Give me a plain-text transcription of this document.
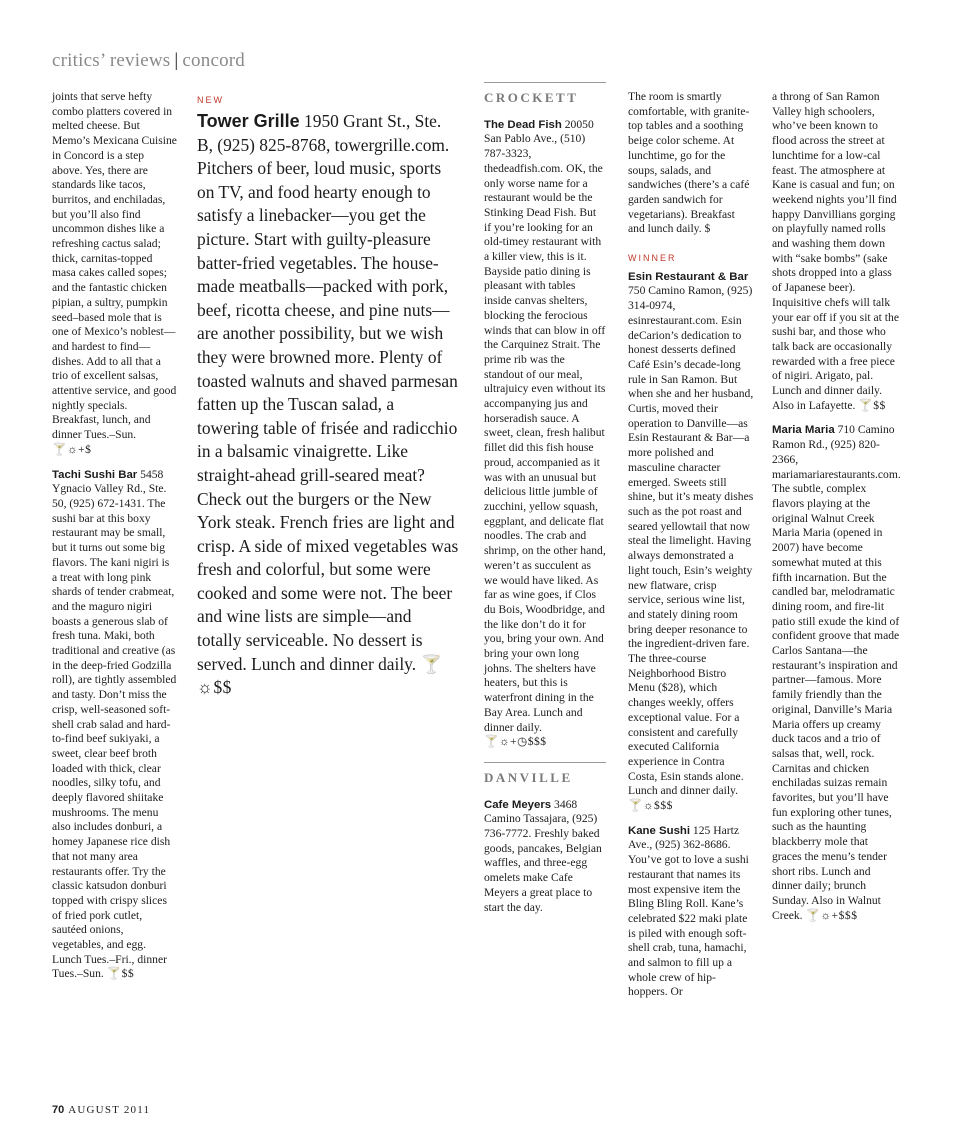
critics’ reviews | concord

joints that serve hefty combo platters covered in melted cheese. But Memo’s Mexicana Cuisine in Concord is a step above. Yes, there are standards like tacos, burritos, and enchiladas, but you’ll also find uncommon dishes like a refreshing cactus salad; thick, carnitas-topped masa cakes called sopes; and the fantastic chicken pipian, a sultry, pumpkin seed–based mole that is one of Mexico’s noblest—and hardest to find—dishes. Add to all that a trio of excellent salsas, attentive service, and good nightly specials. Breakfast, lunch, and dinner Tues.–Sun.
🍸☼+$

Tachi Sushi Bar 5458 Ygnacio Valley Rd., Ste. 50, (925) 672-1431. The sushi bar at this boxy restaurant may be small, but it turns out some big flavors. The kani nigiri is a treat with long pink shards of tender crabmeat, and the maguro nigiri boasts a generous slab of fresh tuna. Maki, both traditional and creative (as in the deep-fried Godzilla roll), are tightly assembled and tasty. Don’t miss the crisp, well-seasoned soft-shell crab salad and hard-to-find beef sukiyaki, a sweet, clear beef broth loaded with thick, clear noodles, silky tofu, and deeply flavored shiitake mushrooms. The menu also includes donburi, a homey Japanese rice dish that not many area restaurants offer. Try the classic katsudon donburi topped with crispy slices of fried pork cutlet, sautéed onions, vegetables, and egg. Lunch Tues.–Fri., dinner Tues.–Sun. 🍸$$

NEW

Tower Grille 1950 Grant St., Ste. B, (925) 825-8768, towergrille.com. Pitchers of beer, loud music, sports on TV, and food hearty enough to satisfy a linebacker—you get the picture. Start with guilty-pleasure batter-fried vegetables. The house-made meatballs—packed with pork, beef, ricotta cheese, and pine nuts—are another possibility, but we wish they were browned more. Plenty of toasted walnuts and shaved parmesan fatten up the Tuscan salad, a towering table of frisée and radicchio in a balsamic vinaigrette. Like straight-ahead grill-seared meat? Check out the burgers or the New York steak. French fries are light and crisp. A side of mixed vegetables was fresh and colorful, but some were cooked and some were not. The beer and wine lists are simple—and totally serviceable. No dessert is served. Lunch and dinner daily. 🍸☼$$

CROCKETT

The Dead Fish 20050 San Pablo Ave., (510) 787-3323, thedeadfish.com. OK, the only worse name for a restaurant would be the Stinking Dead Fish. But if you’re looking for an old-timey restaurant with a killer view, this is it. Bayside patio dining is pleasant with tables inside canvas shelters, blocking the ferocious winds that can blow in off the Carquinez Strait. The prime rib was the standout of our meal, ultrajuicy even without its accompanying jus and horseradish sauce. A sweet, clean, fresh halibut fillet did this fish house proud, accompanied as it was with an unusual but delicious little jumble of zucchini, yellow squash, eggplant, and delicate flat noodles. The crab and shrimp, on the other hand, weren’t as succulent as we would have liked. As far as wine goes, if Clos du Bois, Woodbridge, and the like don’t do it for you, bring your own. And bring your own long johns. The shelters have heaters, but this is waterfront dining in the Bay Area. Lunch and dinner daily.
🍸☼+◷$$$

DANVILLE

Cafe Meyers 3468 Camino Tassajara, (925) 736-7772. Freshly baked goods, pancakes, Belgian waffles, and three-egg omelets make Cafe Meyers a great place to start the day.

The room is smartly comfortable, with granite-top tables and a soothing beige color scheme. At lunchtime, go for the soups, salads, and sandwiches (there’s a café garden sandwich for vegetarians). Breakfast and lunch daily. $

WINNER
Esin Restaurant & Bar 750 Camino Ramon, (925) 314-0974, esinrestaurant.com. Esin deCarion’s dedication to honest desserts defined Café Esin’s decade-long rule in San Ramon. But when she and her husband, Curtis, moved their operation to Danville—as Esin Restaurant & Bar—a more polished and masculine character emerged. Sweets still shine, but it’s meaty dishes such as the pot roast and seared yellowtail that now steal the limelight. Having always demonstrated a light touch, Esin’s weighty new flatware, crisp service, serious wine list, and stately dining room bring deeper resonance to the ingredient-driven fare. The three-course Neighborhood Bistro Menu ($28), which changes weekly, offers exceptional value. For a consistent and carefully executed California experience in Contra Costa, Esin stands alone. Lunch and dinner daily. 🍸☼$$$

Kane Sushi 125 Hartz Ave., (925) 362-8686. You’ve got to love a sushi restaurant that names its most expensive item the Bling Bling Roll. Kane’s celebrated $22 maki plate is piled with enough soft-shell crab, tuna, hamachi, and salmon to fill up a whole crew of hip-hoppers. Or

a throng of San Ramon Valley high schoolers, who’ve been known to flood across the street at lunchtime for a low-cal feast. The atmosphere at Kane is casual and fun; on weekend nights you’ll find happy Danvillians gorging on playfully named rolls and washing them down with “sake bombs” (sake shots dropped into a glass of Japanese beer). Inquisitive chefs will talk your ear off if you sit at the sushi bar, and those who talk back are occasionally rewarded with a free piece of nigiri. Arigato, pal. Lunch and dinner daily. Also in Lafayette. 🍸$$

Maria Maria 710 Camino Ramon Rd., (925) 820-2366, mariamariarestaurants.com. The subtle, complex flavors playing at the original Walnut Creek Maria Maria (opened in 2007) have become somewhat muted at this fifth incarnation. But the candled bar, melodramatic dining room, and fire-lit patio still exude the kind of confident groove that made Carlos Santana—the restaurant’s inspiration and partner—famous. More family friendly than the original, Danville’s Maria Maria offers up creamy duck tacos and a trio of salsas that, well, rock. Carnitas and chicken enchiladas suizas remain favorites, but you’ll have fun exploring other tunes, such as the haunting blackberry mole that graces the menu’s tender short ribs. Lunch and dinner daily; brunch Sunday. Also in Walnut Creek. 🍸☼+$$$

70 AUGUST 2011
